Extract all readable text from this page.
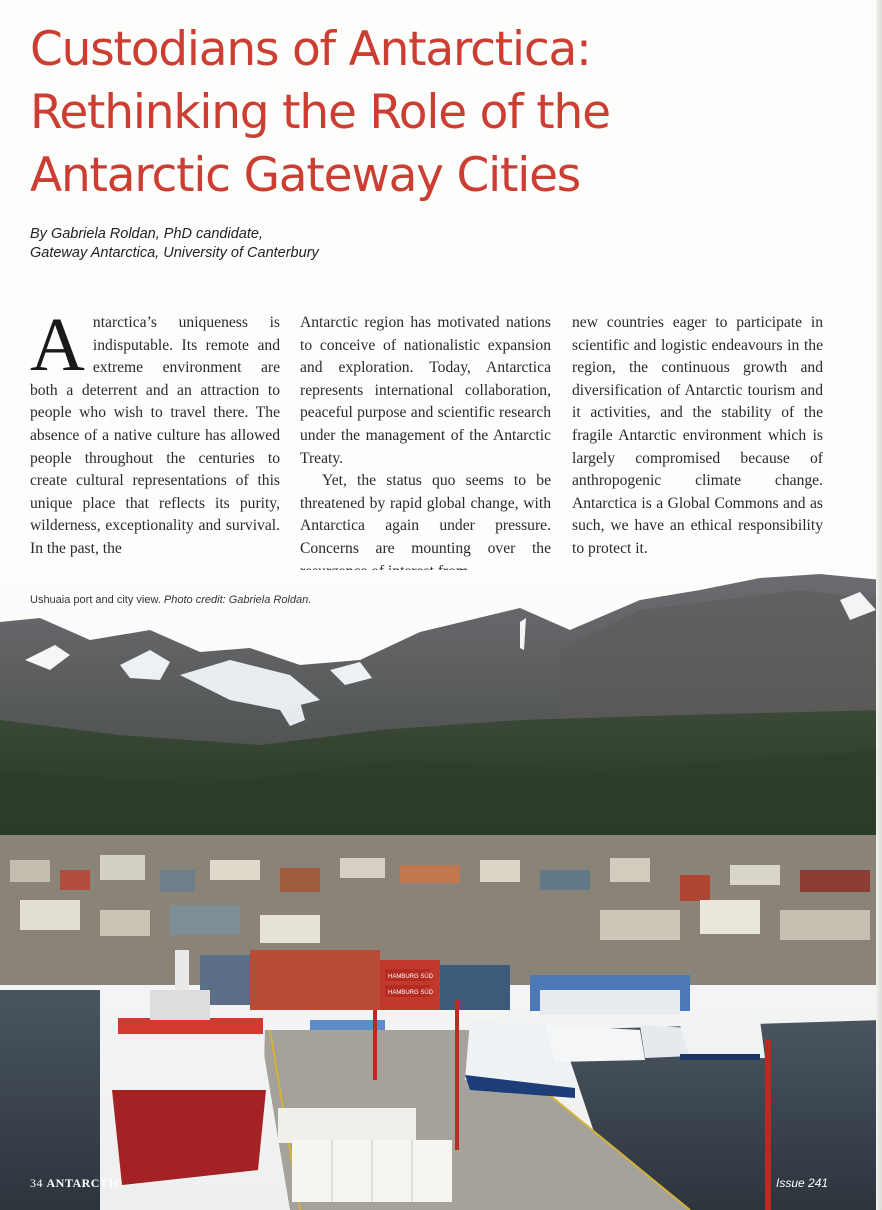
Custodians of Antarctica:
Rethinking the Role of the
Antarctic Gateway Cities
By Gabriela Roldan, PhD candidate,
Gateway Antarctica, University of Canterbury

Antarctica’s uniqueness is indisputable. Its remote and extreme environment are both a deterrent and an attraction to people who wish to travel there. The absence of a native culture has allowed people throughout the centuries to create cultural representations of this unique place that reflects its purity, wilderness, exceptionality and survival. In the past, the

Antarctic region has motivated nations to conceive of nationalistic expansion and exploration. Today, Antarctica represents international collaboration, peaceful purpose and scientific research under the management of the Antarctic Treaty.

Yet, the status quo seems to be threatened by rapid global change, with Antarctica again under pressure. Concerns are mounting over the

new countries eager to participate in scientific and logistic endeavours in the region, the continuous growth and diversification of Antarctic tourism and it activities, and the stability of the fragile Antarctic environment which is largely compromised because of anthropogenic climate change. Antarctica is a Global Commons and as such, we have an ethical responsibility to protect it.

HAMBURG SÜD
HAMBURG SÜD
Ushuaia port and city view. Photo credit: Gabriela Roldan.
34 ANTARCTIC	Issue 241
